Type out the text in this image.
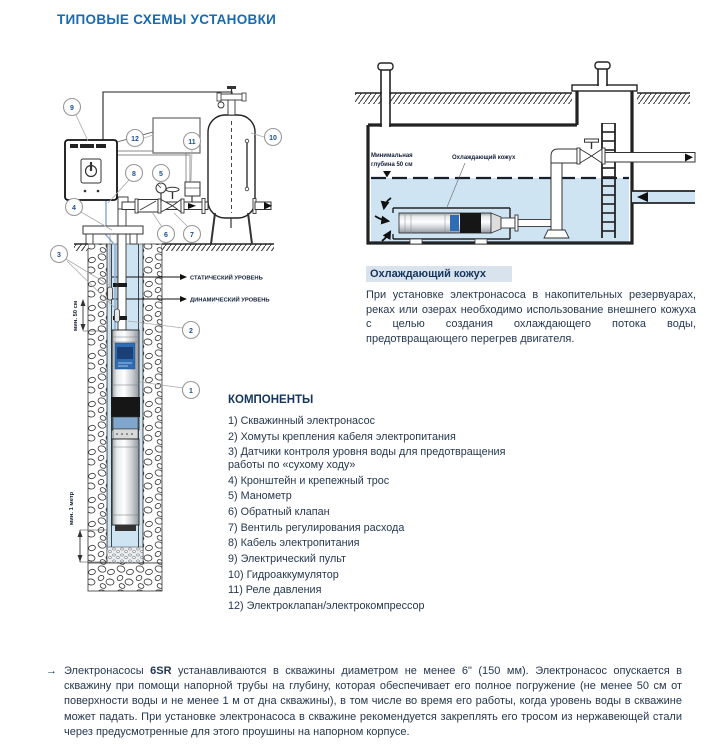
ТИПОВЫЕ СХЕМЫ УСТАНОВКИ
СТАТИЧЕСКИЙ УРОВЕНЬ
ДИНАМИЧЕСКИЙ УРОВЕНЬ
мин. 50 см
мин. 1 метр
9
12	11
10
8	5
4
6	7
3
2
1
Минимальная
глубина 50 см
Охлаждающий кожух
Охлаждающий кожух

При установке электронасоса в накопительных резервуарах, реках или озерах необходимо использование внешнего кожуха с целью создания охлаждающего потока воды, предотвращающего перегрев двигателя.

КОМПОНЕНТЫ
1) Скважинный электронасос
2) Хомуты крепления кабеля электропитания
3) Датчики контроля уровня воды для предотвращения работы по «сухому ходу»
4) Кронштейн и крепежный трос
5) Манометр
6) Обратный клапан
7) Вентиль регулирования расхода
8) Кабель электропитания
9) Электрический пульт
10) Гидроаккумулятор
11) Реле давления
12) Электроклапан/электрокомпрессор
→ Электронасосы 6SR устанавливаются в скважины диаметром не менее 6" (150 мм). Электронасос опускается в скважину при помощи напорной трубы на глубину, которая обеспечивает его полное погружение (не менее 50 см от поверхности воды и не менее 1 м от дна скважины), в том числе во время его работы, когда уровень воды в скважине может падать. При установке электронасоса в скважине рекомендуется закреплять его тросом из нержавеющей стали через предусмотренные для этого проушины на напорном корпусе.
